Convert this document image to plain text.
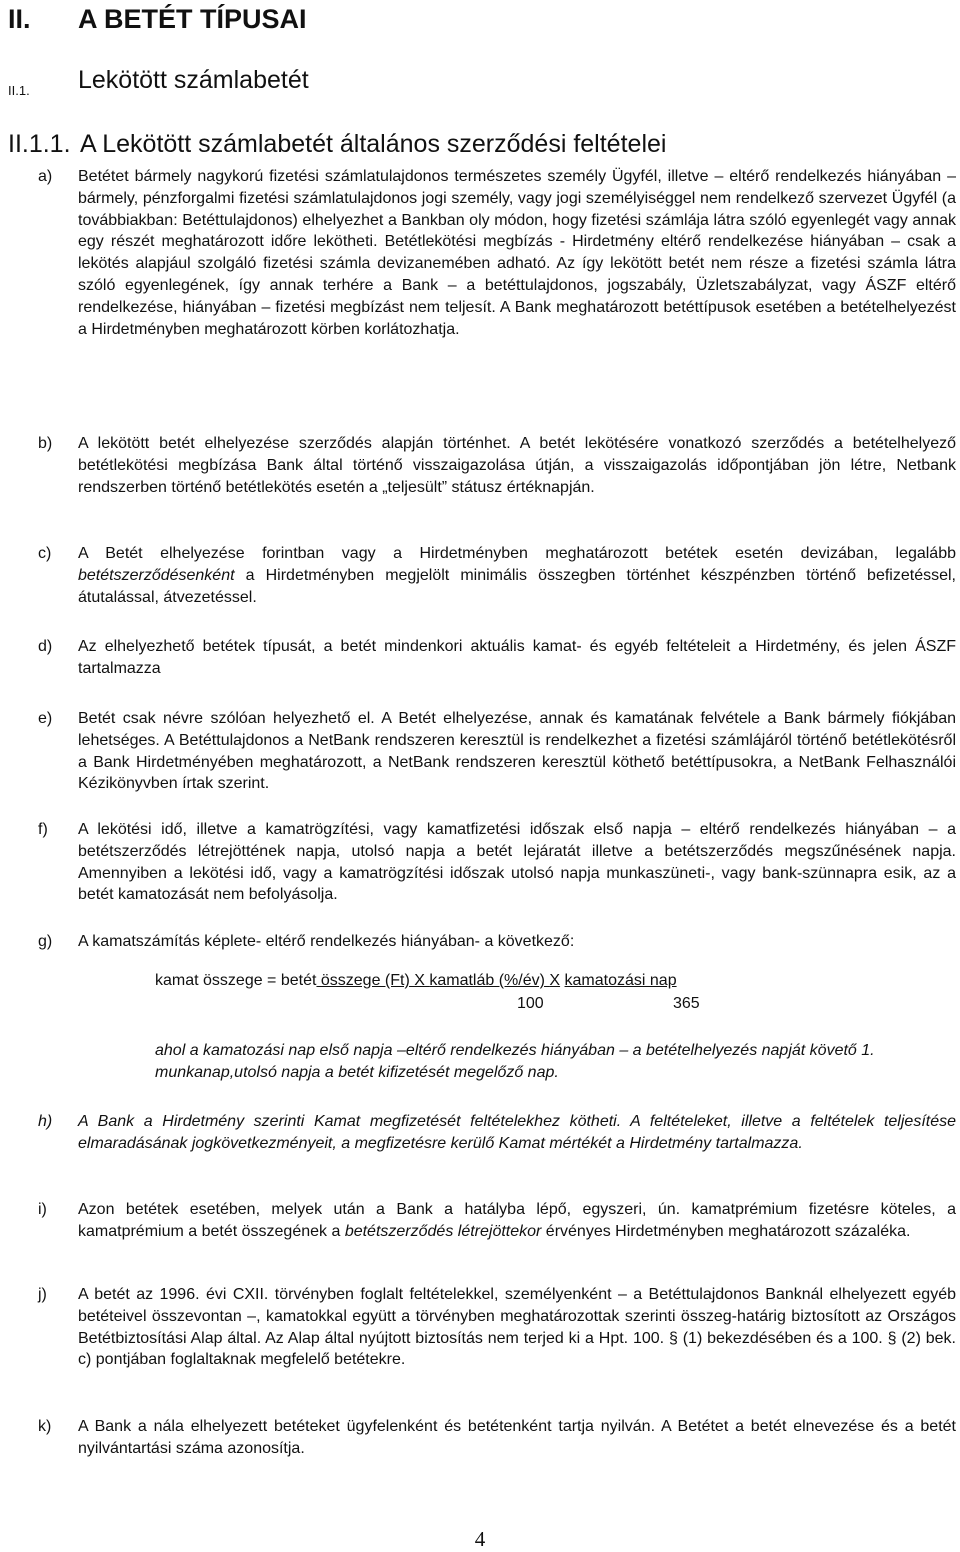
II. A BETÉT TÍPUSAI
II.1. Lekötött számlabetét
II.1.1. A Lekötött számlabetét általános szerződési feltételei
a)	Betétet bármely nagykorú fizetési számlatulajdonos természetes személy Ügyfél, illetve – eltérő rendelkezés hiányában – bármely, pénzforgalmi fizetési számlatulajdonos jogi személy, vagy jogi személyiséggel nem rendelkező szervezet Ügyfél (a továbbiakban: Betéttulajdonos) elhelyezhet a Bankban oly módon, hogy fizetési számlája látra szóló egyenlegét vagy annak egy részét meghatározott időre lekötheti. Betétlekötési megbízás - Hirdetmény eltérő rendelkezése hiányában – csak a lekötés alapjául szolgáló fizetési számla devizanemében adható. Az így lekötött betét nem része a fizetési számla látra szóló egyenlegének, így annak terhére a Bank – a betéttulajdonos, jogszabály, Üzletszabályzat, vagy ÁSZF eltérő rendelkezése, hiányában – fizetési megbízást nem teljesít. A Bank meghatározott betéttípusok esetében a betételhelyezést a Hirdetményben meghatározott körben korlátozhatja.
b)	A lekötött betét elhelyezése szerződés alapján történhet. A betét lekötésére vonatkozó szerződés a betételhelyező betétlekötési megbízása Bank által történő visszaigazolása útján, a visszaigazolás időpontjában jön létre, Netbank rendszerben történő betétlekötés esetén a „teljesült” státusz értéknapján.
c)	A Betét elhelyezése forintban vagy a Hirdetményben meghatározott betétek esetén devizában, legalább betétszerződésenként a Hirdetményben megjelölt minimális összegben történhet készpénzben történő befizetéssel, átutalással, átvezetéssel.
d)	Az elhelyezhető betétek típusát, a betét mindenkori aktuális kamat- és egyéb feltételeit a Hirdetmény, és jelen ÁSZF tartalmazza
e)	Betét csak névre szólóan helyezhető el. A Betét elhelyezése, annak és kamatának felvétele a Bank bármely fiókjában lehetséges. A Betéttulajdonos a NetBank rendszeren keresztül is rendelkezhet a fizetési számlájáról történő betétlekötésről a Bank Hirdetményében meghatározott, a NetBank rendszeren keresztül köthető betéttípusokra, a NetBank Felhasználói Kézikönyvben írtak szerint.
f)	A lekötési idő, illetve a kamatrögzítési, vagy kamatfizetési időszak első napja – eltérő rendelkezés hiányában – a betétszerződés létrejöttének napja, utolsó napja a betét lejáratát illetve a betétszerződés megszűnésének napja. Amennyiben a lekötési idő, vagy a kamatrögzítési időszak utolsó napja munkaszüneti-, vagy bank-szünnapra esik, az a betét kamatozását nem befolyásolja.
g)	A kamatszámítás képlete- eltérő rendelkezés hiányában- a következő:
kamat összege = betét összege (Ft) X kamatláb (%/év) X kamatozási nap
100	365
ahol a kamatozási nap első napja –eltérő rendelkezés hiányában – a betételhelyezés napját követő 1. munkanap,utolsó napja a betét kifizetését megelőző nap.
h)	A Bank a Hirdetmény szerinti Kamat megfizetését feltételekhez kötheti. A feltételeket, illetve a feltételek teljesítése elmaradásának jogkövetkezményeit, a megfizetésre kerülő Kamat mértékét a Hirdetmény tartalmazza.
i)	Azon betétek esetében, melyek után a Bank a hatályba lépő, egyszeri, ún. kamatprémium fizetésre köteles, a kamatprémium a betét összegének a betétszerződés létrejöttekor érvényes Hirdetményben meghatározott százaléka.
j)	A betét az 1996. évi CXII. törvényben foglalt feltételekkel, személyenként – a Betéttulajdonos Banknál elhelyezett egyéb betéteivel összevontan –, kamatokkal együtt a törvényben meghatározottak szerinti összeg-határig biztosított az Országos Betétbiztosítási Alap által. Az Alap által nyújtott biztosítás nem terjed ki a Hpt. 100. § (1) bekezdésében és a 100. § (2) bek. c) pontjában foglaltaknak megfelelő betétekre.
k)	A Bank a nála elhelyezett betéteket ügyfelenként és betétenként tartja nyilván. A Betétet a betét elnevezése és a betét nyilvántartási száma azonosítja.
4
